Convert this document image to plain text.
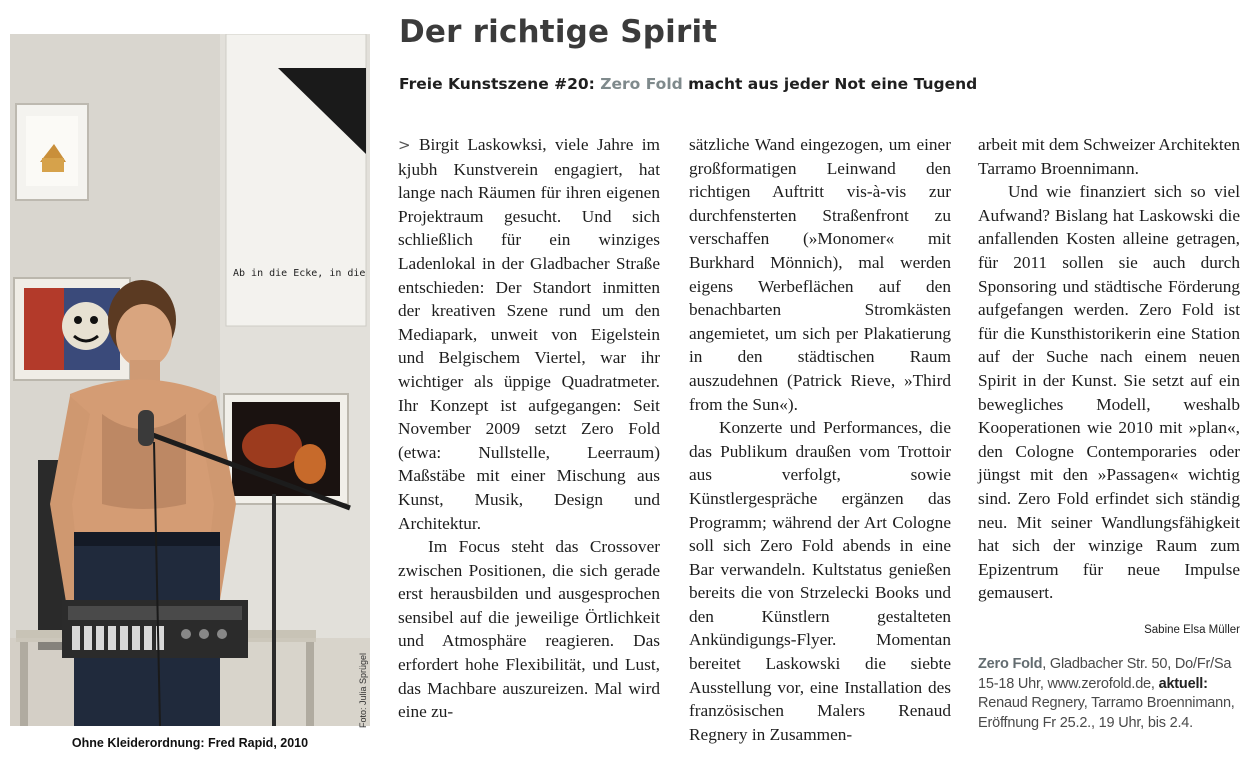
Ab in die Ecke, in die
Foto: Julia Sprügel
Ohne Kleiderordnung: Fred Rapid, 2010
Der richtige Spirit
Freie Kunstszene #20: Zero Fold macht aus jeder Not eine Tugend

> Birgit Laskowksi, viele Jahre im kjubh Kunstverein engagiert, hat lange nach Räumen für ihren eigenen Projektraum gesucht. Und sich schließlich für ein winziges Ladenlokal in der Gladbacher Straße entschieden: Der Standort inmitten der kreativen Szene rund um den Mediapark, unweit von Eigelstein und Belgischem Viertel, war ihr wichtiger als üppige Quadratmeter. Ihr Konzept ist aufgegangen: Seit November 2009 setzt Zero Fold (etwa: Nullstelle, Leerraum) Maßstäbe mit einer Mischung aus Kunst, Musik, Design und Architektur.

Im Focus steht das Crossover zwischen Positionen, die sich gerade erst herausbilden und ausgesprochen sensibel auf die jeweilige Örtlichkeit und Atmosphäre reagieren. Das erfordert hohe Flexibilität, und Lust, das Machbare auszureizen. Mal wird eine zu-

sätzliche Wand eingezogen, um einer großformatigen Leinwand den richtigen Auftritt vis-à-vis zur durchfensterten Straßenfront zu verschaffen (»Monomer« mit Burkhard Mönnich), mal werden eigens Werbeflächen auf den benachbarten Stromkästen angemietet, um sich per Plakatierung in den städtischen Raum auszudehnen (Patrick Rieve, »Third from the Sun«).

Konzerte und Performances, die das Publikum draußen vom Trottoir aus verfolgt, sowie Künstlergespräche ergänzen das Programm; während der Art Cologne soll sich Zero Fold abends in eine Bar verwandeln. Kultstatus genießen bereits die von Strzelecki Books und den Künstlern gestalteten Ankündigungs-Flyer. Momentan bereitet Laskowski die siebte Ausstellung vor, eine Installation des französischen Malers Renaud Regnery in Zusammen-

arbeit mit dem Schweizer Architekten Tarramo Broennimann.

Und wie finanziert sich so viel Aufwand? Bislang hat Laskowski die anfallenden Kosten alleine getragen, für 2011 sollen sie auch durch Sponsoring und städtische Förderung aufgefangen werden. Zero Fold ist für die Kunsthistorikerin eine Station auf der Suche nach einem neuen Spirit in der Kunst. Sie setzt auf ein bewegliches Modell, weshalb Kooperationen wie 2010 mit »plan«, den Cologne Contemporaries oder jüngst mit den »Passagen« wichtig sind. Zero Fold erfindet sich ständig neu. Mit seiner Wandlungsfähigkeit hat sich der winzige Raum zum Epizentrum für neue Impulse gemausert.

Sabine Elsa Müller
Zero Fold, Gladbacher Str. 50, Do/Fr/Sa 15-18 Uhr, www.zerofold.de, aktuell: Renaud Regnery, Tarramo Broennimann, Eröffnung Fr 25.2., 19 Uhr, bis 2.4.
